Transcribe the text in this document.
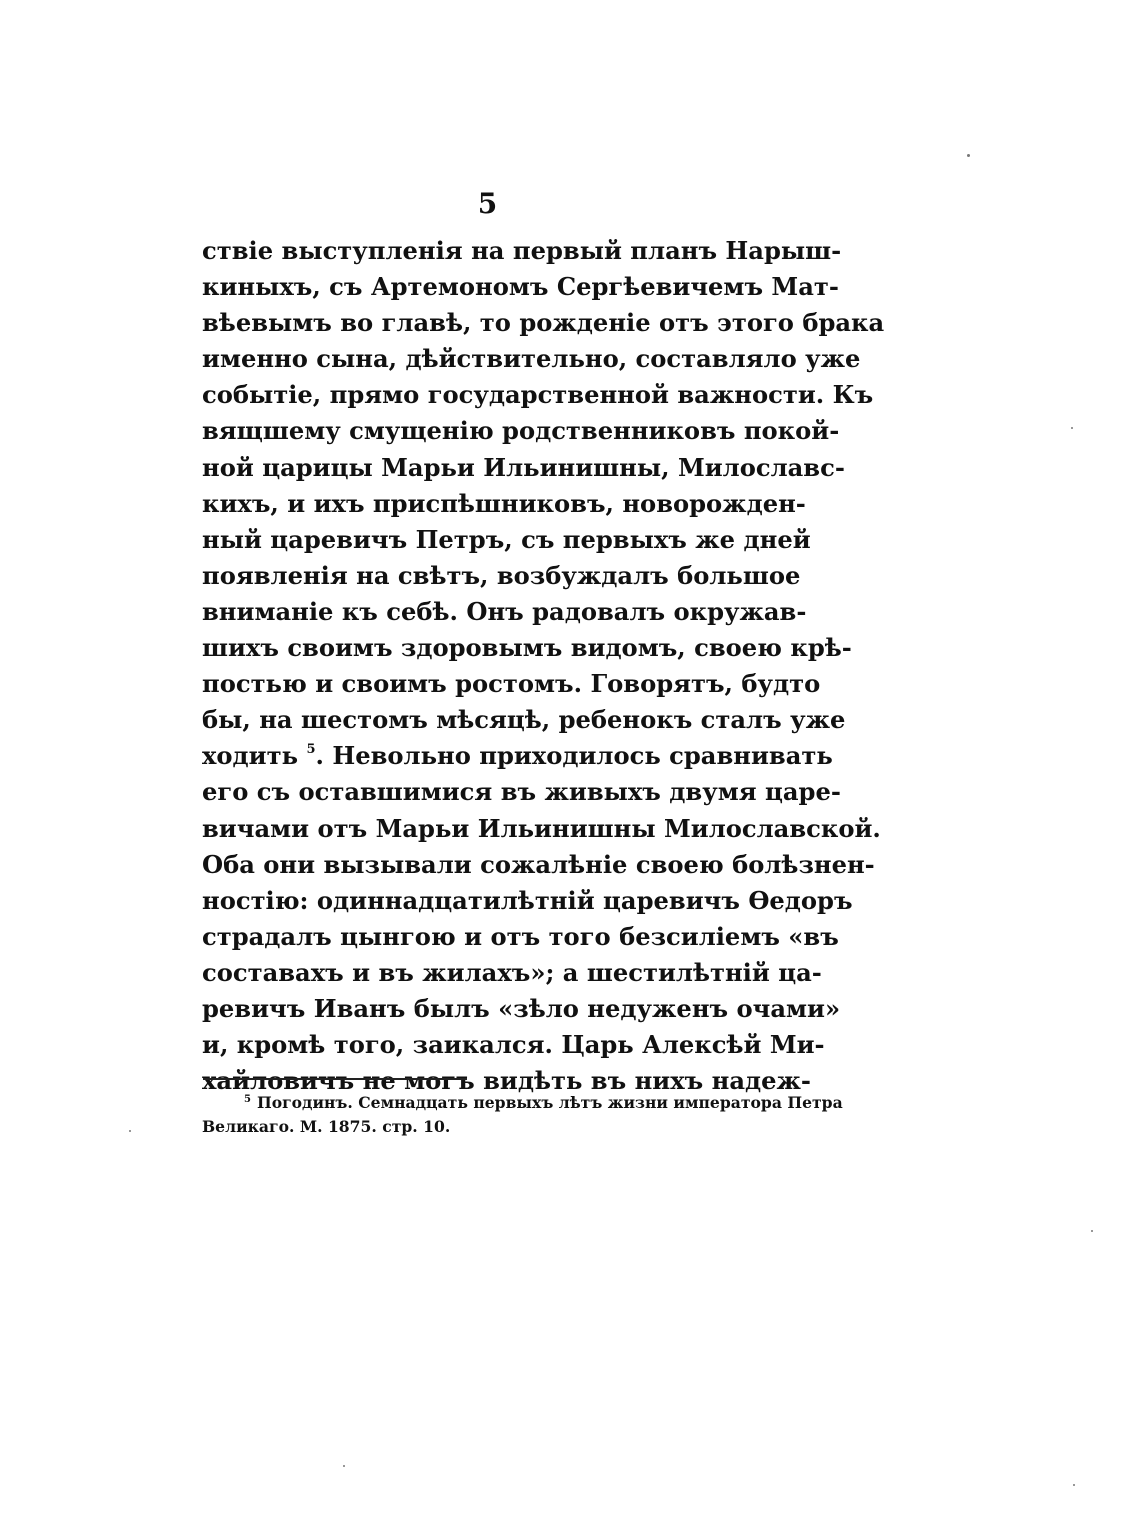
5
ствіе выступленія на первый планъ Нарыш-
киныхъ, съ Артемономъ Сергѣевичемъ Мат-
вѣевымъ во главѣ, то рожденіе отъ этого брака
именно сына, дѣйствительно, составляло уже
событіе, прямо государственной важности. Къ
вящшему смущенію родственниковъ покой-
ной царицы Марьи Ильинишны, Милославс-
кихъ, и ихъ приспѣшниковъ, новорожден-
ный царевичъ Петръ, съ первыхъ же дней
появленія на свѣтъ, возбуждалъ большое
вниманіе къ себѣ. Онъ радовалъ окружав-
шихъ своимъ здоровымъ видомъ, своею крѣ-
постью и своимъ ростомъ. Говорятъ, будто
бы, на шестомъ мѣсяцѣ, ребенокъ сталъ уже
ходить $^5$. Невольно приходилось сравнивать
его съ оставшимися въ живыхъ двумя царе-
вичами отъ Марьи Ильинишны Милославской.
Оба они вызывали сожалѣніе своею болѣзнен-
ностію: одиннадцатилѣтній царевичъ Ѳедоръ
страдалъ цынгою и отъ того безсиліемъ «въ
составахъ и въ жилахъ»; а шестилѣтній ца-
ревичъ Иванъ былъ «зѣло недуженъ очами»
и, кромѣ того, заикался. Царь Алексѣй Ми-
хайловичъ не могъ видѣть въ нихъ надеж-
$^5$ Погодинъ. Семнадцать первыхъ лѣтъ жизни императора Петра
Великаго. М. 1875. стр. 10.
